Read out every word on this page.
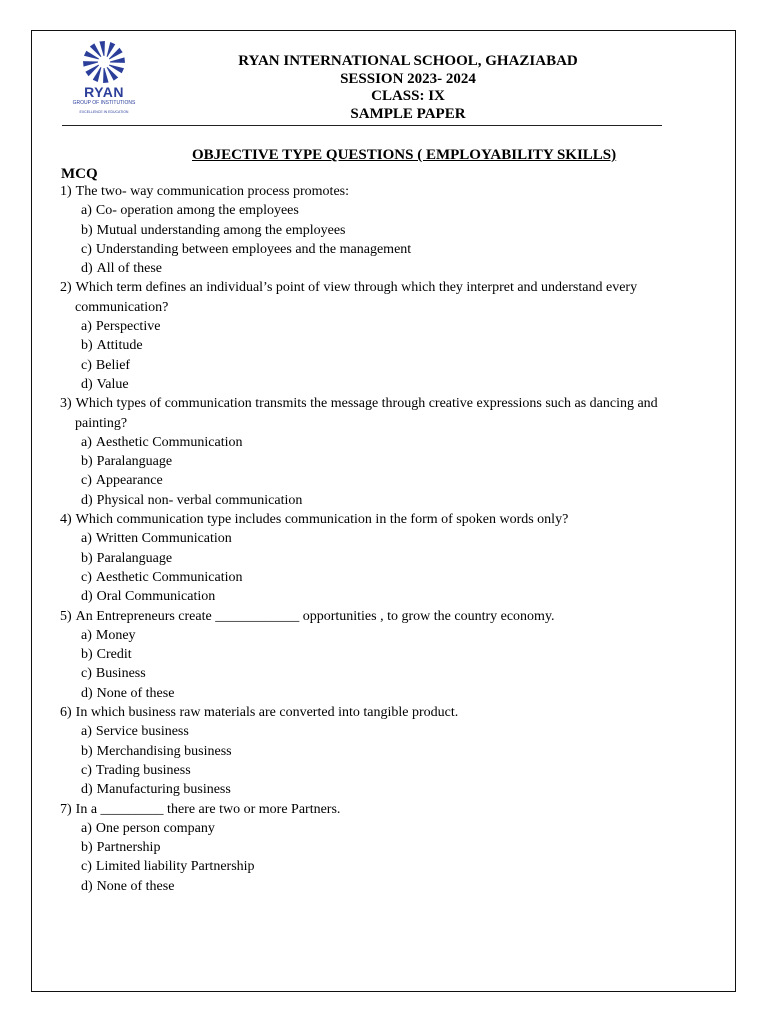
RYAN
GROUP OF INSTITUTIONS
EXCELLENCE IN EDUCATION
RYAN INTERNATIONAL SCHOOL, GHAZIABAD
SESSION 2023- 2024
CLASS: IX
SAMPLE PAPER
OBJECTIVE TYPE QUESTIONS ( EMPLOYABILITY SKILLS)
MCQ
1) The two- way communication process promotes:
a) Co- operation among the employees
b) Mutual understanding among the employees
c) Understanding between employees and the management
d) All of these
2) Which term defines an individual’s point of view through which they interpret and understand every
communication?
a) Perspective
b) Attitude
c) Belief
d) Value
3) Which types of communication transmits the message through creative expressions such as dancing and
painting?
a) Aesthetic Communication
b) Paralanguage
c) Appearance
d) Physical non- verbal communication
4) Which communication type includes communication in the form of spoken words only?
a) Written Communication
b) Paralanguage
c) Aesthetic Communication
d) Oral Communication
5) An Entrepreneurs create ____________ opportunities , to grow the country economy.
a) Money
b) Credit
c) Business
d) None of these
6) In which business raw materials are converted into tangible product.
a) Service business
b) Merchandising business
c) Trading business
d) Manufacturing business
7) In a _________ there are two or more Partners.
a) One person company
b) Partnership
c) Limited liability Partnership
d) None of these
